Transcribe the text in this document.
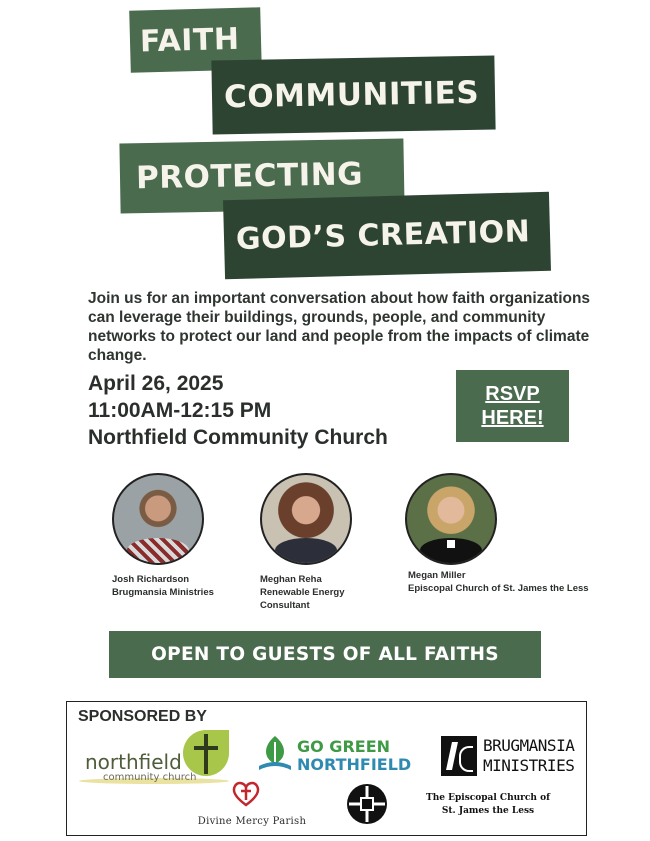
FAITH
COMMUNITIES
PROTECTING
GOD’S CREATION

Join us for an important conversation about how faith organizations can leverage their buildings, grounds, people, and community networks to protect our land and people from the impacts of climate change.

April 26, 2025
11:00AM-12:15 PM
Northfield Community Church
RSVP
HERE!
Josh Richardson
Brugmansia Ministries
Meghan Reha
Renewable Energy
Consultant
Megan Miller
Episcopal Church of St. James the Less
OPEN TO GUESTS OF ALL FAITHS
SPONSORED BY
northfield
community church
GO GREEN
NORTHFIELD
BRUGMANSIA
MINISTRIES
Divine Mercy Parish
The Episcopal Church of
St. James the Less
